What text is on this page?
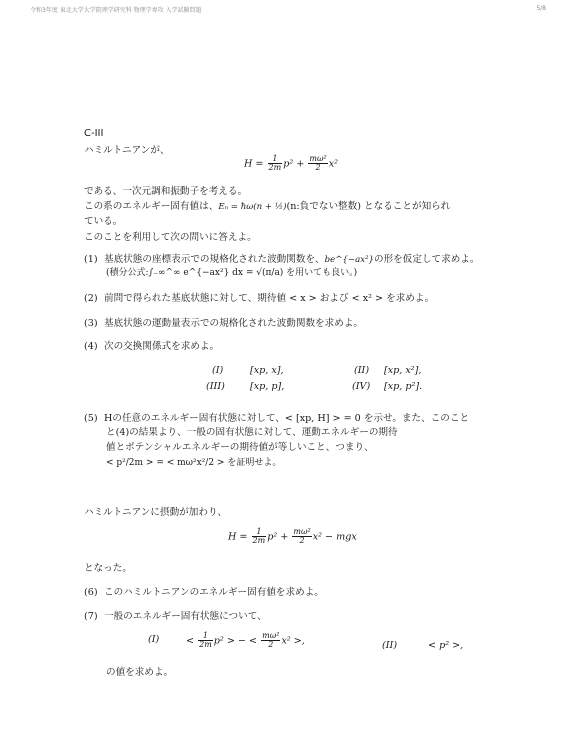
令和3年度 東北大学大学院理学研究科 物理学専攻 入学試験問題	5/8
C-III
ハミルトニアンが、
$H = \frac{1}{2m} p^2 + \frac{\text{mω²}}{2} x^2$
である、一次元調和振動子を考える。
この系のエネルギー固有値は、Eₙ = ħω(n + ½)(n:負でない整数) となることが知られ
ている。
このことを利用して次の問いに答えよ。
(1) 基底状態の座標表示での規格化された波動関数を、be^{−ax²}の形を仮定して求めよ。
(積分公式:∫₋∞^∞ e^{−ax²} dx = √(π/a) を用いても良い。)
(2) 前問で得られた基底状態に対して、期待値 < x > および < x² > を求めよ。
(3) 基底状態の運動量表示での規格化された波動関数を求めよ。
(4) 次の交換関係式を求めよ。
(I)	[xp, x],	(II) [xp, x²],
(III)	[xp, p],	(IV) [xp, p²].
(5) Hの任意のエネルギー固有状態に対して、< [xp, H] > = 0 を示せ。また、このこと
と(4)の結果より、一般の固有状態に対して、運動エネルギーの期待
値とポテンシャルエネルギーの期待値が等しいこと、つまり、
< p²/2m > = < mω²x²/2 > を証明せよ。
ハミルトニアンに摂動が加わり、
$H = \frac{1}{2m} p^2 + \frac{\text{mω²}}{2} x^2$ − mgx
となった。
(6) このハミルトニアンのエネルギー固有値を求めよ。
(7) 一般のエネルギー固有状態について、
(I)	< $\frac{1}{2m} p^2$ > − < $\frac{\text{mω²}}{2} x^2$ >,	(II)	< p² >,
の値を求めよ。
